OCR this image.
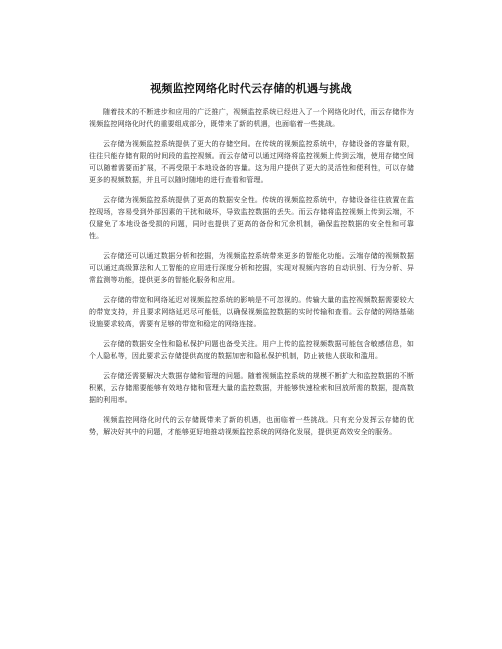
视频监控网络化时代云存储的机遇与挑战

随着技术的不断进步和应用的广泛推广，视频监控系统已经进入了一个网络化时代，而云存储作为视频监控网络化时代的重要组成部分，既带来了新的机遇，也面临着一些挑战。

云存储为视频监控系统提供了更大的存储空间。在传统的视频监控系统中，存储设备的容量有限，往往只能存储有限的时间段的监控视频。而云存储可以通过网络将监控视频上传到云端，使用存储空间可以随着需要而扩展，不再受限于本地设备的容量。这为用户提供了更大的灵活性和便利性，可以存储更多的视频数据，并且可以随时随地的进行查看和管理。

云存储为视频监控系统提供了更高的数据安全性。传统的视频监控系统中，存储设备往往放置在监控现场，容易受到外部因素的干扰和破坏，导致监控数据的丢失。而云存储将监控视频上传到云端，不仅避免了本地设备受损的问题，同时也提供了更高的备份和冗余机制，确保监控数据的安全性和可靠性。

云存储还可以通过数据分析和挖掘，为视频监控系统带来更多的智能化功能。云端存储的视频数据可以通过高级算法和人工智能的应用进行深度分析和挖掘，实现对视频内容的自动识别、行为分析、异常监测等功能，提供更多的智能化服务和应用。

云存储的带宽和网络延迟对视频监控系统的影响是不可忽视的。传输大量的监控视频数据需要较大的带宽支持，并且要求网络延迟尽可能低，以确保视频监控数据的实时传输和查看。云存储的网络基础设施要求较高，需要有足够的带宽和稳定的网络连接。

云存储的数据安全性和隐私保护问题也备受关注。用户上传的监控视频数据可能包含敏感信息，如个人隐私等，因此要求云存储提供高度的数据加密和隐私保护机制，防止被他人获取和滥用。

云存储还需要解决大数据存储和管理的问题。随着视频监控系统的规模不断扩大和监控数据的不断积累，云存储需要能够有效地存储和管理大量的监控数据，并能够快速检索和回放所需的数据，提高数据的利用率。

视频监控网络化时代的云存储既带来了新的机遇，也面临着一些挑战。只有充分发挥云存储的优势，解决好其中的问题，才能够更好地推动视频监控系统的网络化发展，提供更高效安全的服务。
